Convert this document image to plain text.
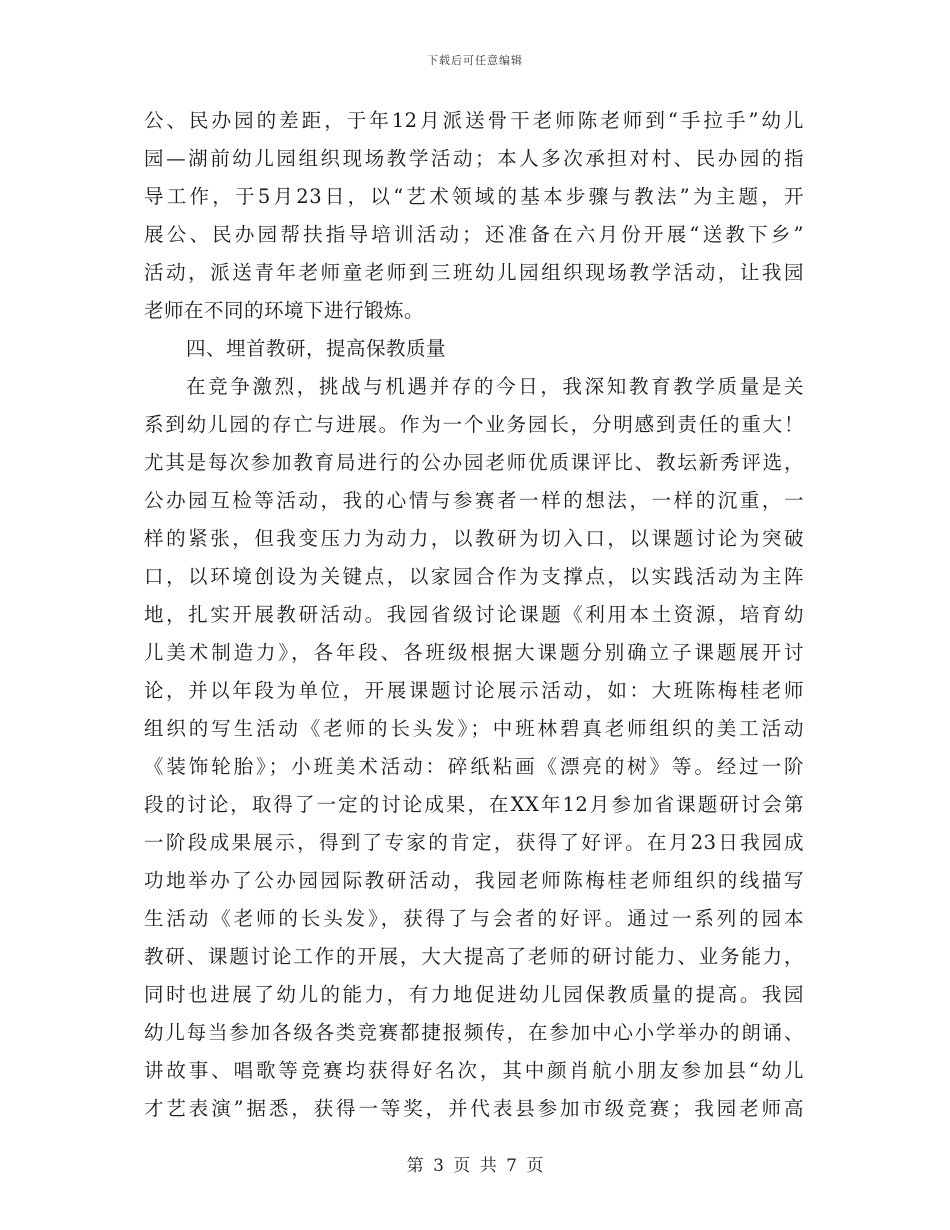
下载后可任意编辑
公、民办园的差距，于年12月派送骨干老师陈老师到“手拉手”幼儿
园—湖前幼儿园组织现场教学活动；本人多次承担对村、民办园的指
导工作，于5月23日，以“艺术领域的基本步骤与教法”为主题，开
展公、民办园帮扶指导培训活动；还准备在六月份开展“送教下乡”
活动，派送青年老师童老师到三班幼儿园组织现场教学活动，让我园
老师在不同的环境下进行锻炼。
四、埋首教研，提高保教质量
在竞争激烈，挑战与机遇并存的今日，我深知教育教学质量是关
系到幼儿园的存亡与进展。作为一个业务园长，分明感到责任的重大！
尤其是每次参加教育局进行的公办园老师优质课评比、教坛新秀评选，
公办园互检等活动，我的心情与参赛者一样的想法，一样的沉重，一
样的紧张，但我变压力为动力，以教研为切入口，以课题讨论为突破
口，以环境创设为关键点，以家园合作为支撑点，以实践活动为主阵
地，扎实开展教研活动。我园省级讨论课题《利用本土资源，培育幼
儿美术制造力》，各年段、各班级根据大课题分别确立子课题展开讨
论，并以年段为单位，开展课题讨论展示活动，如：大班陈梅桂老师
组织的写生活动《老师的长头发》；中班林碧真老师组织的美工活动
《装饰轮胎》；小班美术活动：碎纸粘画《漂亮的树》等。经过一阶
段的讨论，取得了一定的讨论成果，在XX年12月参加省课题研讨会第
一阶段成果展示，得到了专家的肯定，获得了好评。在月23日我园成
功地举办了公办园园际教研活动，我园老师陈梅桂老师组织的线描写
生活动《老师的长头发》，获得了与会者的好评。通过一系列的园本
教研、课题讨论工作的开展，大大提高了老师的研讨能力、业务能力，
同时也进展了幼儿的能力，有力地促进幼儿园保教质量的提高。我园
幼儿每当参加各级各类竞赛都捷报频传，在参加中心小学举办的朗诵、
讲故事、唱歌等竞赛均获得好名次，其中颜肖航小朋友参加县“幼儿
才艺表演”据悉，获得一等奖，并代表县参加市级竞赛；我园老师高
第 3 页 共 7 页
